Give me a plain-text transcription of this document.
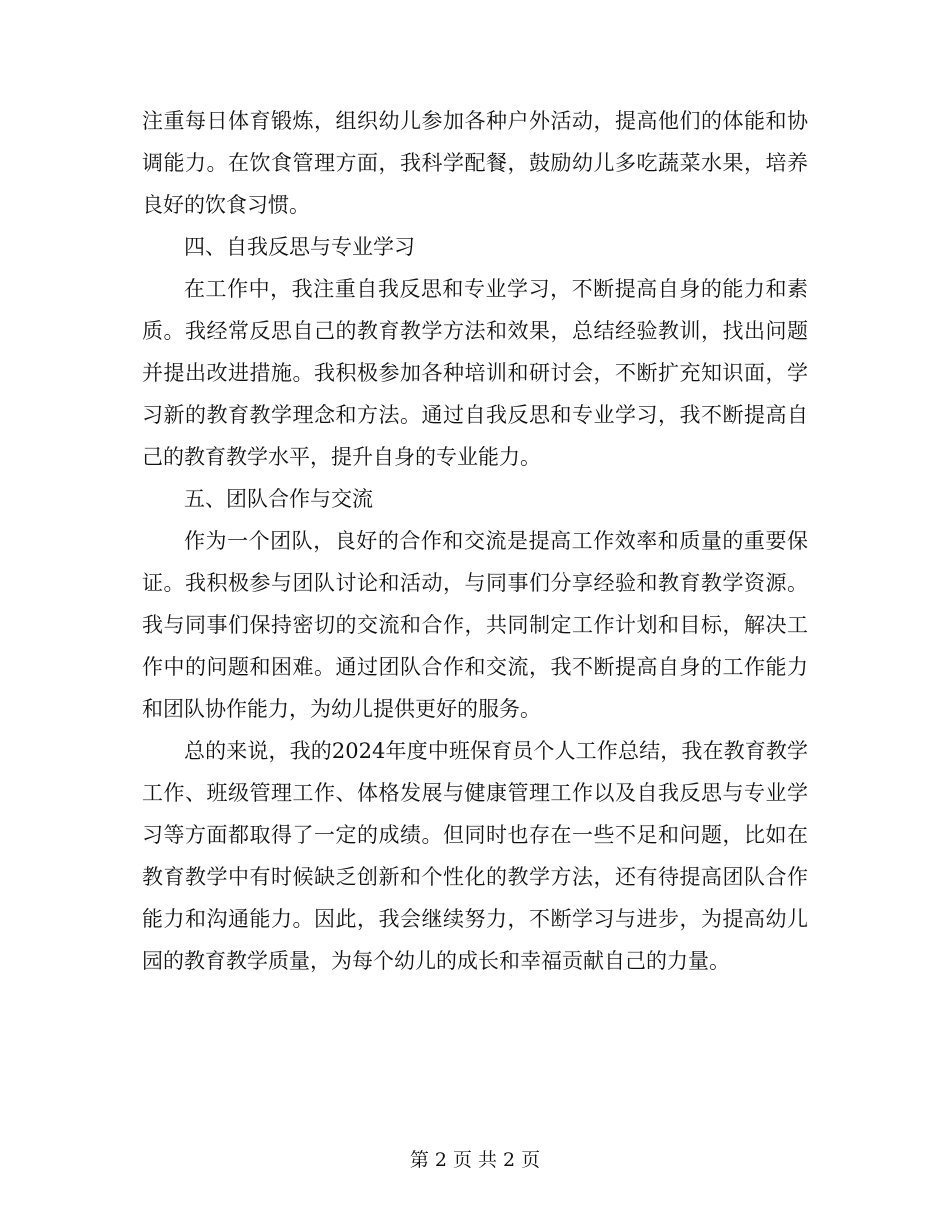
注重每日体育锻炼，组织幼儿参加各种户外活动，提高他们的体能和协调能力。在饮食管理方面，我科学配餐，鼓励幼儿多吃蔬菜水果，培养良好的饮食习惯。

四、自我反思与专业学习

在工作中，我注重自我反思和专业学习，不断提高自身的能力和素质。我经常反思自己的教育教学方法和效果，总结经验教训，找出问题并提出改进措施。我积极参加各种培训和研讨会，不断扩充知识面，学习新的教育教学理念和方法。通过自我反思和专业学习，我不断提高自己的教育教学水平，提升自身的专业能力。

五、团队合作与交流

作为一个团队，良好的合作和交流是提高工作效率和质量的重要保证。我积极参与团队讨论和活动，与同事们分享经验和教育教学资源。我与同事们保持密切的交流和合作，共同制定工作计划和目标，解决工作中的问题和困难。通过团队合作和交流，我不断提高自身的工作能力和团队协作能力，为幼儿提供更好的服务。

总的来说，我的2024年度中班保育员个人工作总结，我在教育教学工作、班级管理工作、体格发展与健康管理工作以及自我反思与专业学习等方面都取得了一定的成绩。但同时也存在一些不足和问题，比如在教育教学中有时候缺乏创新和个性化的教学方法，还有待提高团队合作能力和沟通能力。因此，我会继续努力，不断学习与进步，为提高幼儿园的教育教学质量，为每个幼儿的成长和幸福贡献自己的力量。

第 2 页 共 2 页
